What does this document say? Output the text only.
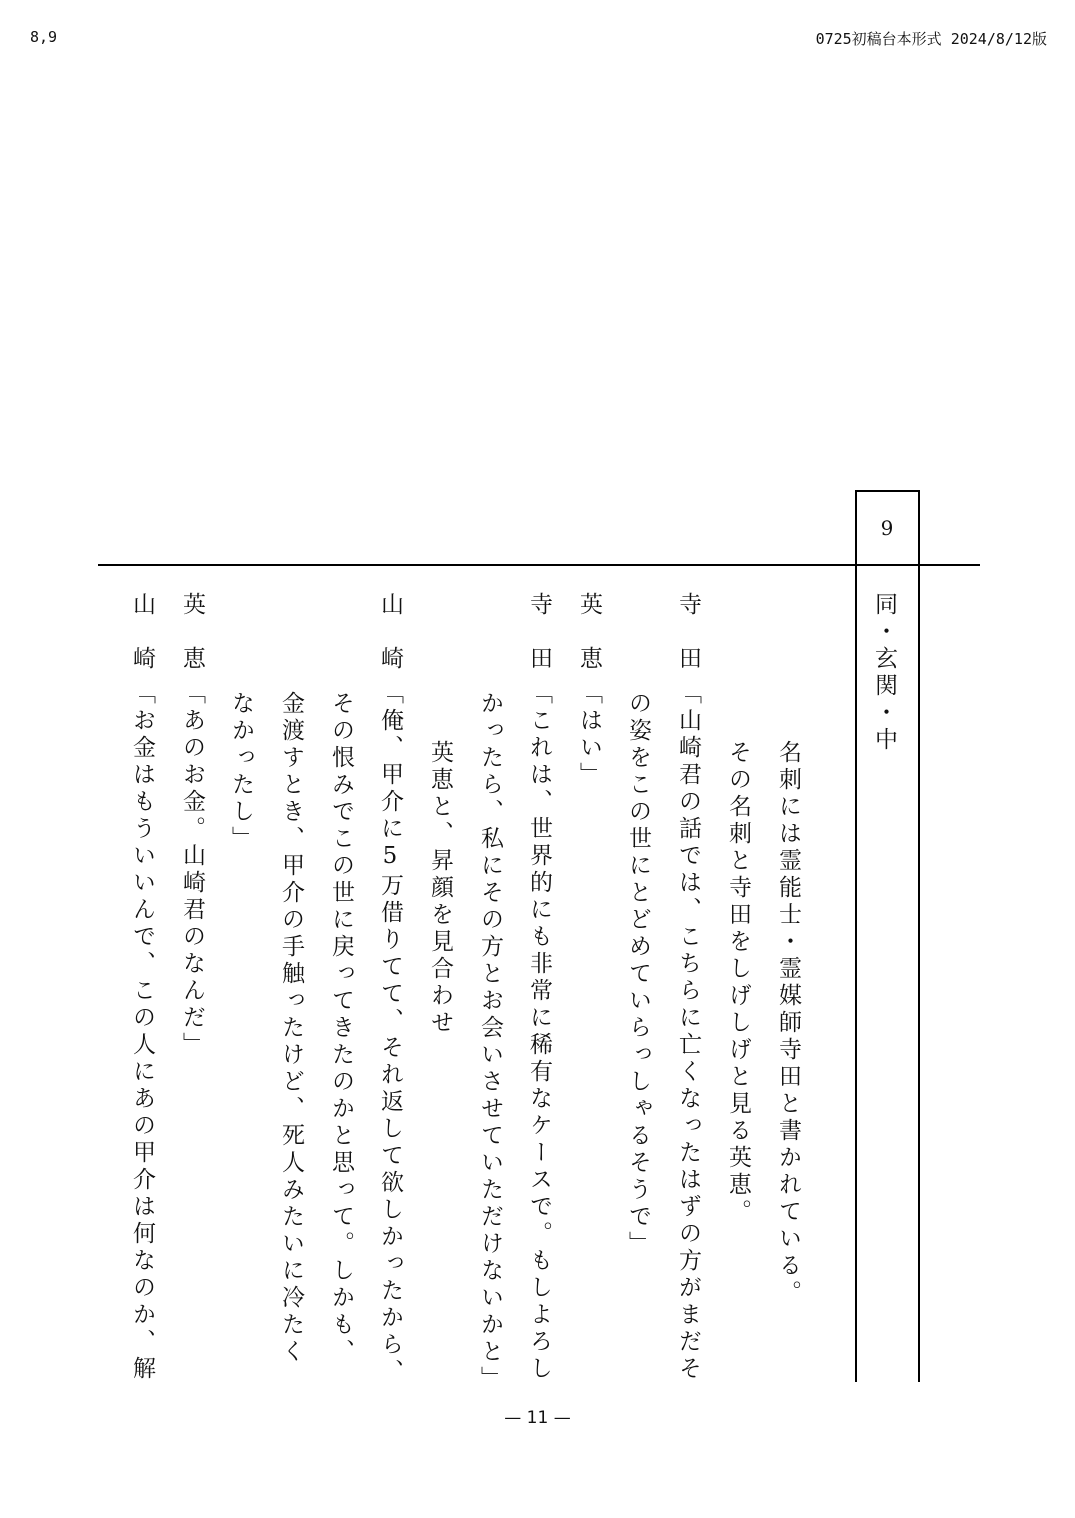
8,9	0725初稿台本形式 2024/8/12版
9
同・玄関・中
名刺には霊能士・霊媒師寺田と書かれている。
その名刺と寺田をしげしげと見る英恵。
寺田
「山崎君の話では、こちらに亡くなったはずの方がまだそ
の姿をこの世にとどめていらっしゃるそうで」
英恵
「はい」
寺田
「これは、世界的にも非常に稀有なケースで。もしよろし
かったら、私にその方とお会いさせていただけないかと」
英恵と、昇顔を見合わせ
山崎
「俺、甲介に5万借りてて、それ返して欲しかったから、
その恨みでこの世に戻ってきたのかと思って。しかも、
金渡すとき、甲介の手触ったけど、死人みたいに冷たく
なかったし」
英恵
「あのお金。山崎君のなんだ」
山崎
「お金はもういいんで、この人にあの甲介は何なのか、解
— 11 —
